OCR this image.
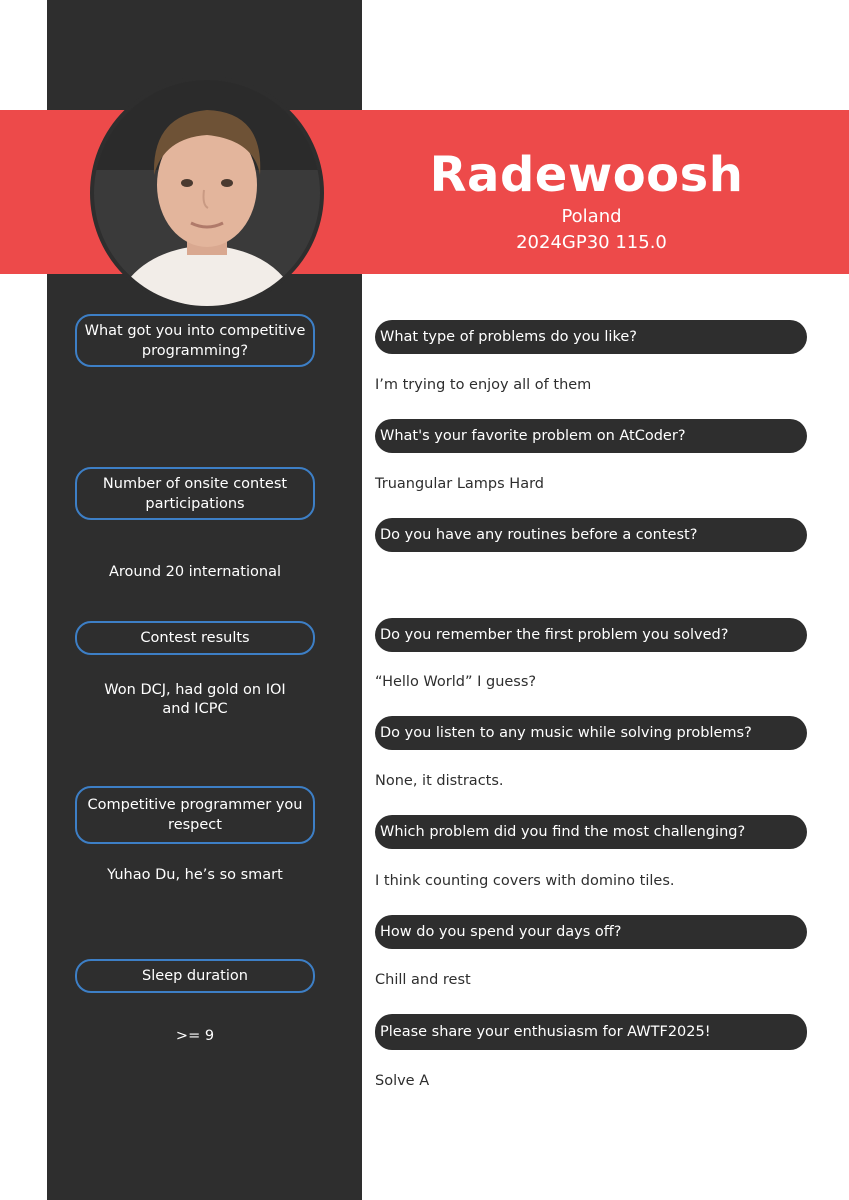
Radewoosh
Poland
2024GP30 115.0
What got you into competitive programming?
Number of onsite contest participations
Around 20 international
Contest results
Won DCJ, had gold on IOI and ICPC
Competitive programmer you respect
Yuhao Du, he’s so smart
Sleep duration
>= 9
What type of problems do you like?
I’m trying to enjoy all of them
What's your favorite problem on AtCoder?
Truangular Lamps Hard
Do you have any routines before a contest?
Do you remember the first problem you solved?
“Hello World” I guess?
Do you listen to any music while solving problems?
None, it distracts.
Which problem did you find the most challenging?
I think counting covers with domino tiles.
How do you spend your days off?
Chill and rest
Please share your enthusiasm for AWTF2025!
Solve A
